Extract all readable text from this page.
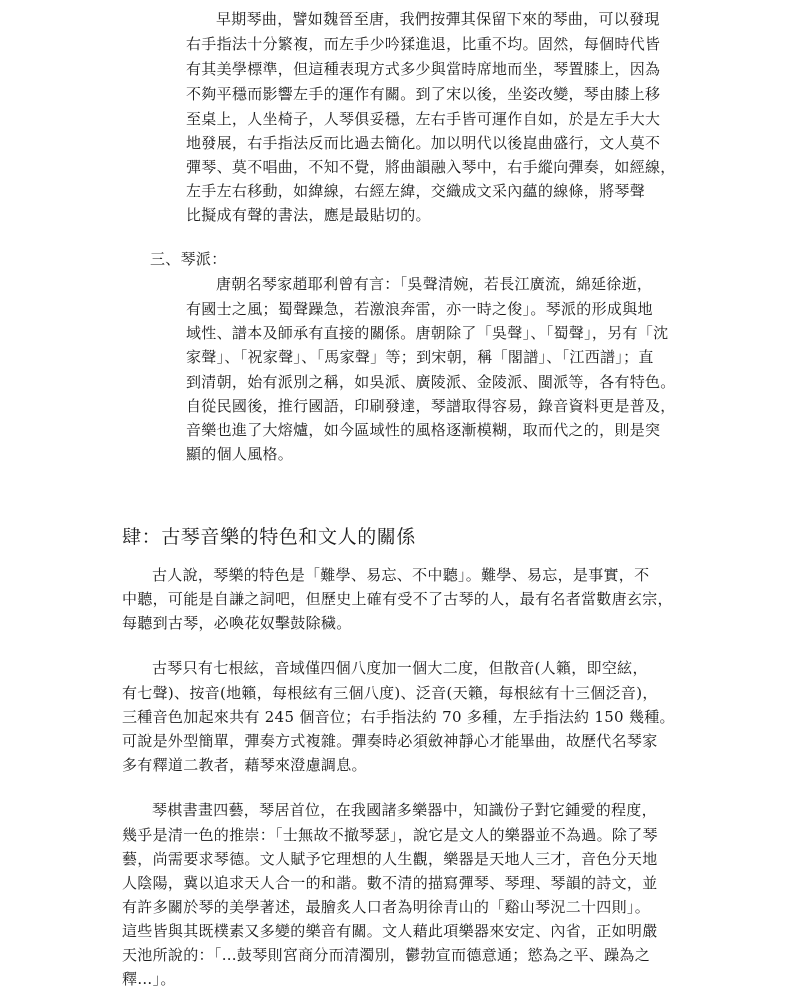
早期琴曲，譬如魏晉至唐，我們按彈其保留下來的琴曲，可以發現
右手指法十分繁複，而左手少吟猱進退，比重不均。固然，每個時代皆
有其美學標準，但這種表現方式多少與當時席地而坐，琴置膝上，因為
不夠平穩而影響左手的運作有關。到了宋以後，坐姿改變，琴由膝上移
至桌上，人坐椅子，人琴俱妥穩，左右手皆可運作自如，於是左手大大
地發展，右手指法反而比過去簡化。加以明代以後崑曲盛行，文人莫不
彈琴、莫不唱曲，不知不覺，將曲韻融入琴中，右手縱向彈奏，如經線，
左手左右移動，如緯線，右經左緯，交織成文采內蘊的線條，將琴聲
比擬成有聲的書法，應是最貼切的。
三、琴派：
唐朝名琴家趙耶利曾有言：「吳聲清婉，若長江廣流，綿延徐逝，
有國士之風；蜀聲躁急，若激浪奔雷，亦一時之俊」。琴派的形成與地
域性、譜本及師承有直接的關係。唐朝除了「吳聲」、「蜀聲」，另有「沈
家聲」、「祝家聲」、「馬家聲」等；到宋朝，稱「閣譜」、「江西譜」；直
到清朝，始有派別之稱，如吳派、廣陵派、金陵派、閩派等，各有特色。
自從民國後，推行國語，印刷發達，琴譜取得容易，錄音資料更是普及，
音樂也進了大熔爐，如今區域性的風格逐漸模糊，取而代之的，則是突
顯的個人風格。
肆：古琴音樂的特色和文人的關係
古人說，琴樂的特色是「難學、易忘、不中聽」。難學、易忘，是事實，不
中聽，可能是自謙之詞吧，但歷史上確有受不了古琴的人，最有名者當數唐玄宗，
每聽到古琴，必喚花奴擊鼓除穢。
古琴只有七根絃，音域僅四個八度加一個大二度，但散音(人籟，即空絃，
有七聲)、按音(地籟，每根絃有三個八度)、泛音(天籟，每根絃有十三個泛音)，
三種音色加起來共有 245 個音位；右手指法約 70 多種，左手指法約 150 幾種。
可說是外型簡單，彈奏方式複雜。彈奏時必須斂神靜心才能畢曲，故歷代名琴家
多有釋道二教者，藉琴來澄慮調息。
琴棋書畫四藝，琴居首位，在我國諸多樂器中，知識份子對它鍾愛的程度，
幾乎是清一色的推崇：「士無故不撤琴瑟」，說它是文人的樂器並不為過。除了琴
藝，尚需要求琴德。文人賦予它理想的人生觀，樂器是天地人三才，音色分天地
人陰陽，冀以追求天人合一的和諧。數不清的描寫彈琴、琴理、琴韻的詩文，並
有許多關於琴的美學著述，最膾炙人口者為明徐青山的「谿山琴況二十四則」。
這些皆與其既樸素又多變的樂音有關。文人藉此項樂器來安定、內省，正如明嚴
天池所說的：「…鼓琴則宮商分而清濁別，鬱勃宣而德意通；慾為之平、躁為之
釋…」。
